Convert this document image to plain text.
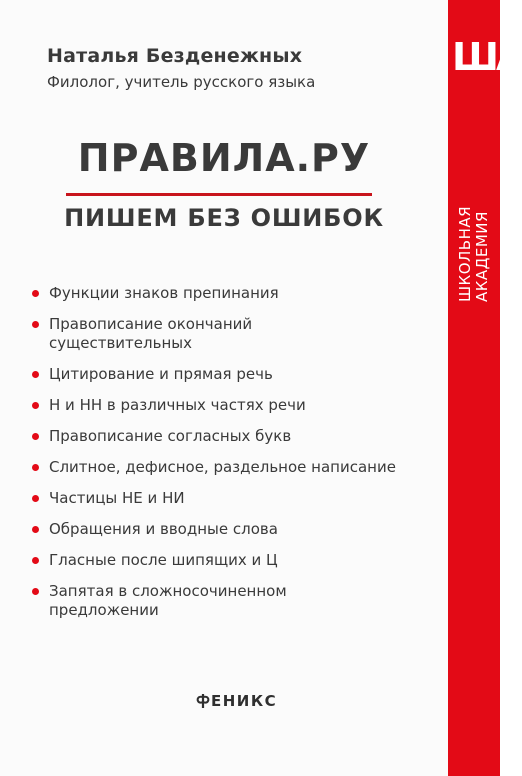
ША
ШКОЛЬНАЯ АКАДЕМИЯ
Наталья Безденежных
Филолог, учитель русского языка
ПРАВИЛА.РУ
ПИШЕМ БЕЗ ОШИБОК
Функции знаков препинания
Правописание окончаний существительных
Цитирование и прямая речь
Н и НН в различных частях речи
Правописание согласных букв
Слитное, дефисное, раздельное написание
Частицы НЕ и НИ
Обращения и вводные слова
Гласные после шипящих и Ц
Запятая в сложносочиненном предложении
ЕНИКС
